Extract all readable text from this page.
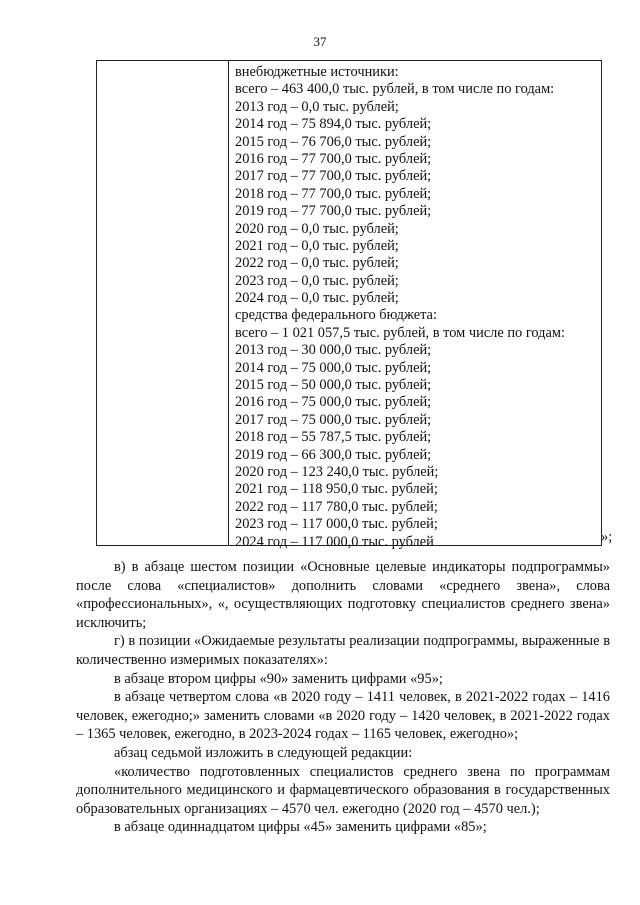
37
внебюджетные источники:
всего – 463 400,0 тыс. рублей, в том числе по годам:
2013 год – 0,0 тыс. рублей;
2014 год – 75 894,0 тыс. рублей;
2015 год – 76 706,0 тыс. рублей;
2016 год – 77 700,0 тыс. рублей;
2017 год – 77 700,0 тыс. рублей;
2018 год – 77 700,0 тыс. рублей;
2019 год – 77 700,0 тыс. рублей;
2020 год – 0,0 тыс. рублей;
2021 год – 0,0 тыс. рублей;
2022 год – 0,0 тыс. рублей;
2023 год – 0,0 тыс. рублей;
2024 год – 0,0 тыс. рублей;
средства федерального бюджета:
всего – 1 021 057,5 тыс. рублей, в том числе по годам:
2013 год – 30 000,0 тыс. рублей;
2014 год – 75 000,0 тыс. рублей;
2015 год – 50 000,0 тыс. рублей;
2016 год – 75 000,0 тыс. рублей;
2017 год – 75 000,0 тыс. рублей;
2018 год – 55 787,5 тыс. рублей;
2019 год – 66 300,0 тыс. рублей;
2020 год – 123 240,0 тыс. рублей;
2021 год – 118 950,0 тыс. рублей;
2022 год – 117 780,0 тыс. рублей;
2023 год – 117 000,0 тыс. рублей;
2024 год – 117 000,0 тыс. рублей	»;

в) в абзаце шестом позиции «Основные целевые индикаторы подпрограммы» после слова «специалистов» дополнить словами «среднего звена», слова «профессиональных», «, осуществляющих подготовку специалистов среднего звена» исключить;

г) в позиции «Ожидаемые результаты реализации подпрограммы, выраженные в количественно измеримых показателях»:

в абзаце втором цифры «90» заменить цифрами «95»;

в абзаце четвертом слова «в 2020 году – 1411 человек, в 2021-2022 годах – 1416 человек, ежегодно;» заменить словами «в 2020 году – 1420 человек, в 2021-2022 годах – 1365 человек, ежегодно, в 2023-2024 годах – 1165 человек, ежегодно»;

абзац седьмой изложить в следующей редакции:

«количество подготовленных специалистов среднего звена по программам дополнительного медицинского и фармацевтического образования в государственных образовательных организациях – 4570 чел. ежегодно (2020 год – 4570 чел.);

в абзаце одиннадцатом цифры «45» заменить цифрами «85»;
